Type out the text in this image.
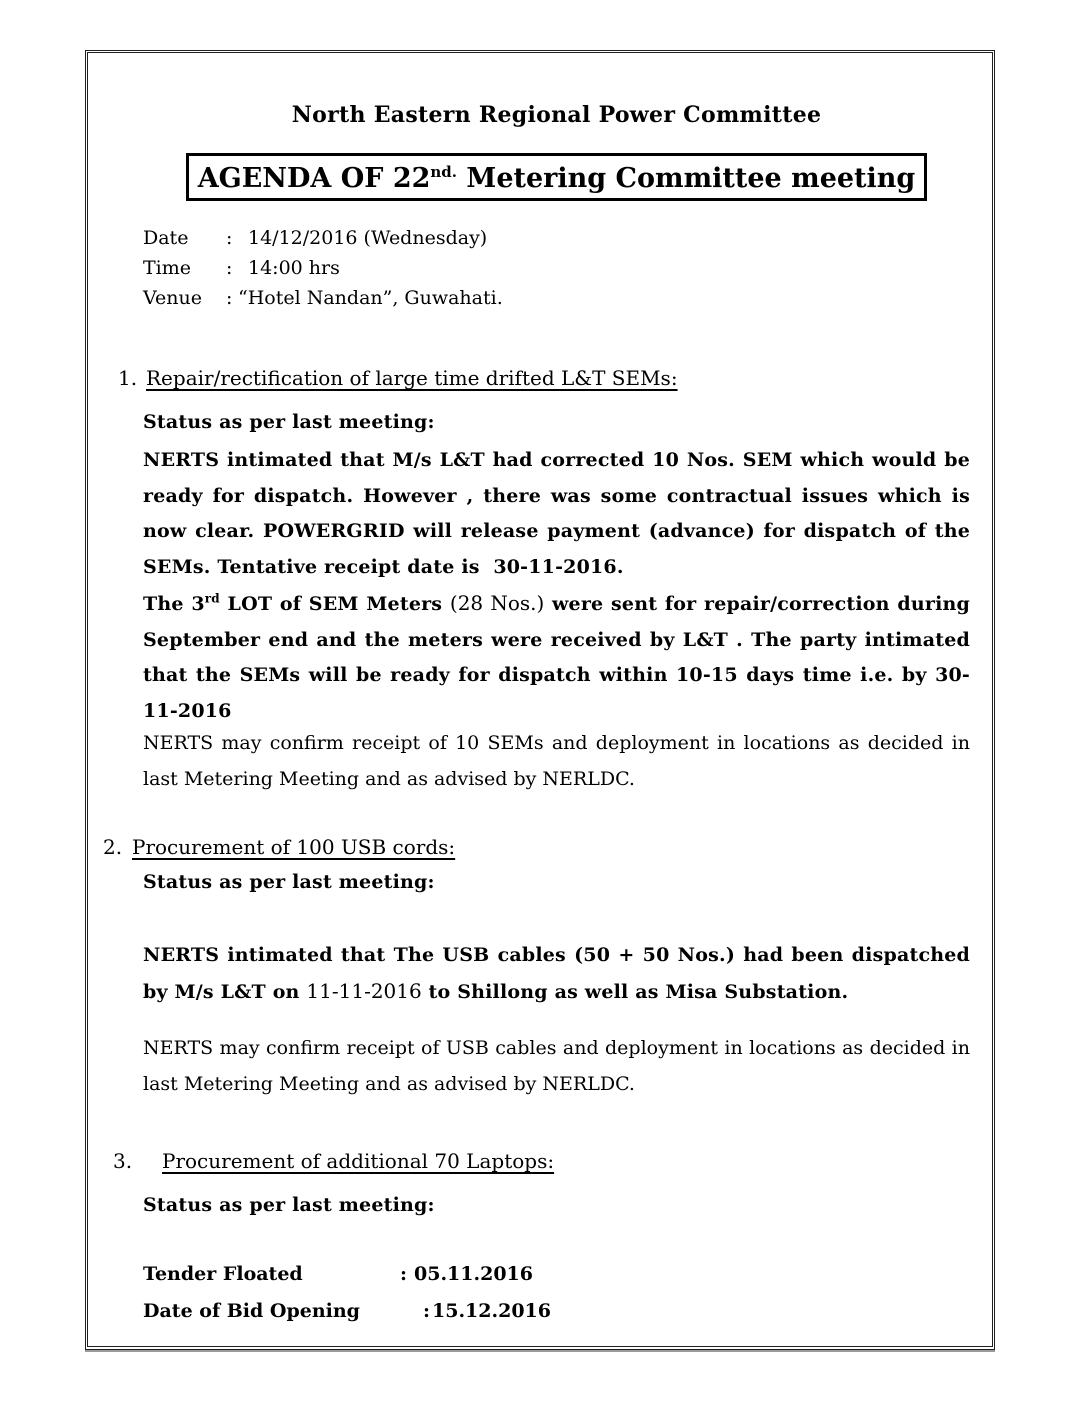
North Eastern Regional Power Committee
AGENDA OF $22^{nd.}$ Metering Committee meeting
Date	: 14/12/2016 (Wednesday)
Time	: 14:00 hrs
Venue	: “Hotel Nandan”, Guwahati.
1. Repair/rectification of large time drifted L&T SEMs:
Status as per last meeting:
NERTS intimated that M/s L&T had corrected 10 Nos. SEM which would be ready for dispatch. However , there was some contractual issues which is now clear. POWERGRID will release payment (advance) for dispatch of the SEMs. Tentative receipt date is  30-11-2016.
The 3rd LOT of SEM Meters (28 Nos.) were sent for repair/correction during September end and the meters were received by L&T . The party intimated that the SEMs will be ready for dispatch within 10-15 days time i.e. by 30-11-2016
NERTS may confirm receipt of 10 SEMs and deployment in locations as decided in last Metering Meeting and as advised by NERLDC.
2. Procurement of 100 USB cords:
Status as per last meeting:
NERTS intimated that The USB cables (50 + 50 Nos.) had been dispatched by M/s L&T on 11-11-2016 to Shillong as well as Misa Substation.
NERTS may confirm receipt of USB cables and deployment in locations as decided in last Metering Meeting and as advised by NERLDC.
3. Procurement of additional 70 Laptops:
Status as per last meeting:
Tender Floated	: 05.11.2016
Date of Bid Opening	: 15.12.2016
